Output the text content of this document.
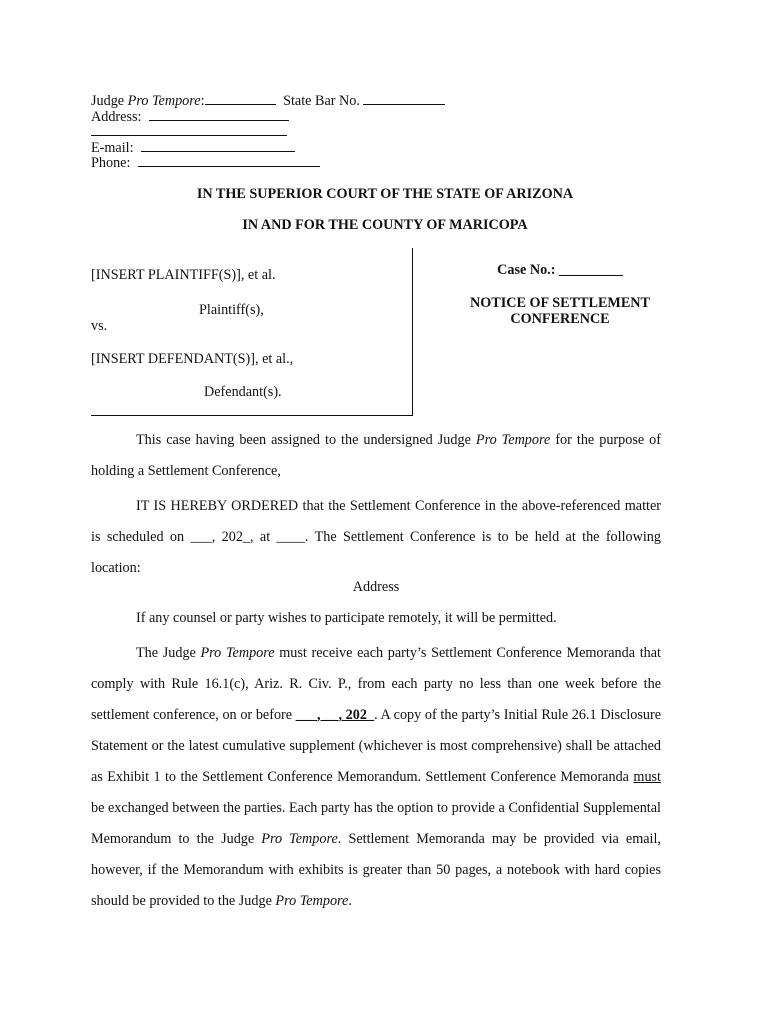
Judge Pro Tempore:	State Bar No.
Address:
E-mail:
Phone:
IN THE SUPERIOR COURT OF THE STATE OF ARIZONA
IN AND FOR THE COUNTY OF MARICOPA
[INSERT PLAINTIFF(S)], et al.
Plaintiff(s),
vs.
[INSERT DEFENDANT(S)], et al.,
Defendant(s).
Case No.: _________
NOTICE OF SETTLEMENT
CONFERENCE

This case having been assigned to the undersigned Judge Pro Tempore for the purpose of holding a Settlement Conference,

IT IS HEREBY ORDERED that the Settlement Conference in the above-referenced matter is scheduled on ___, 202_, at ____. The Settlement Conference is to be held at the following location:

Address

If any counsel or party wishes to participate remotely, it will be permitted.

The Judge Pro Tempore must receive each party’s Settlement Conference Memoranda that comply with Rule 16.1(c), Ariz. R. Civ. P., from each party no less than one week before the settlement conference, on or before ___, __, 202_. A copy of the party’s Initial Rule 26.1 Disclosure Statement or the latest cumulative supplement (whichever is most comprehensive) shall be attached as Exhibit 1 to the Settlement Conference Memorandum. Settlement Conference Memoranda must be exchanged between the parties. Each party has the option to provide a Confidential Supplemental Memorandum to the Judge Pro Tempore. Settlement Memoranda may be provided via email, however, if the Memorandum with exhibits is greater than 50 pages, a notebook with hard copies should be provided to the Judge Pro Tempore.
